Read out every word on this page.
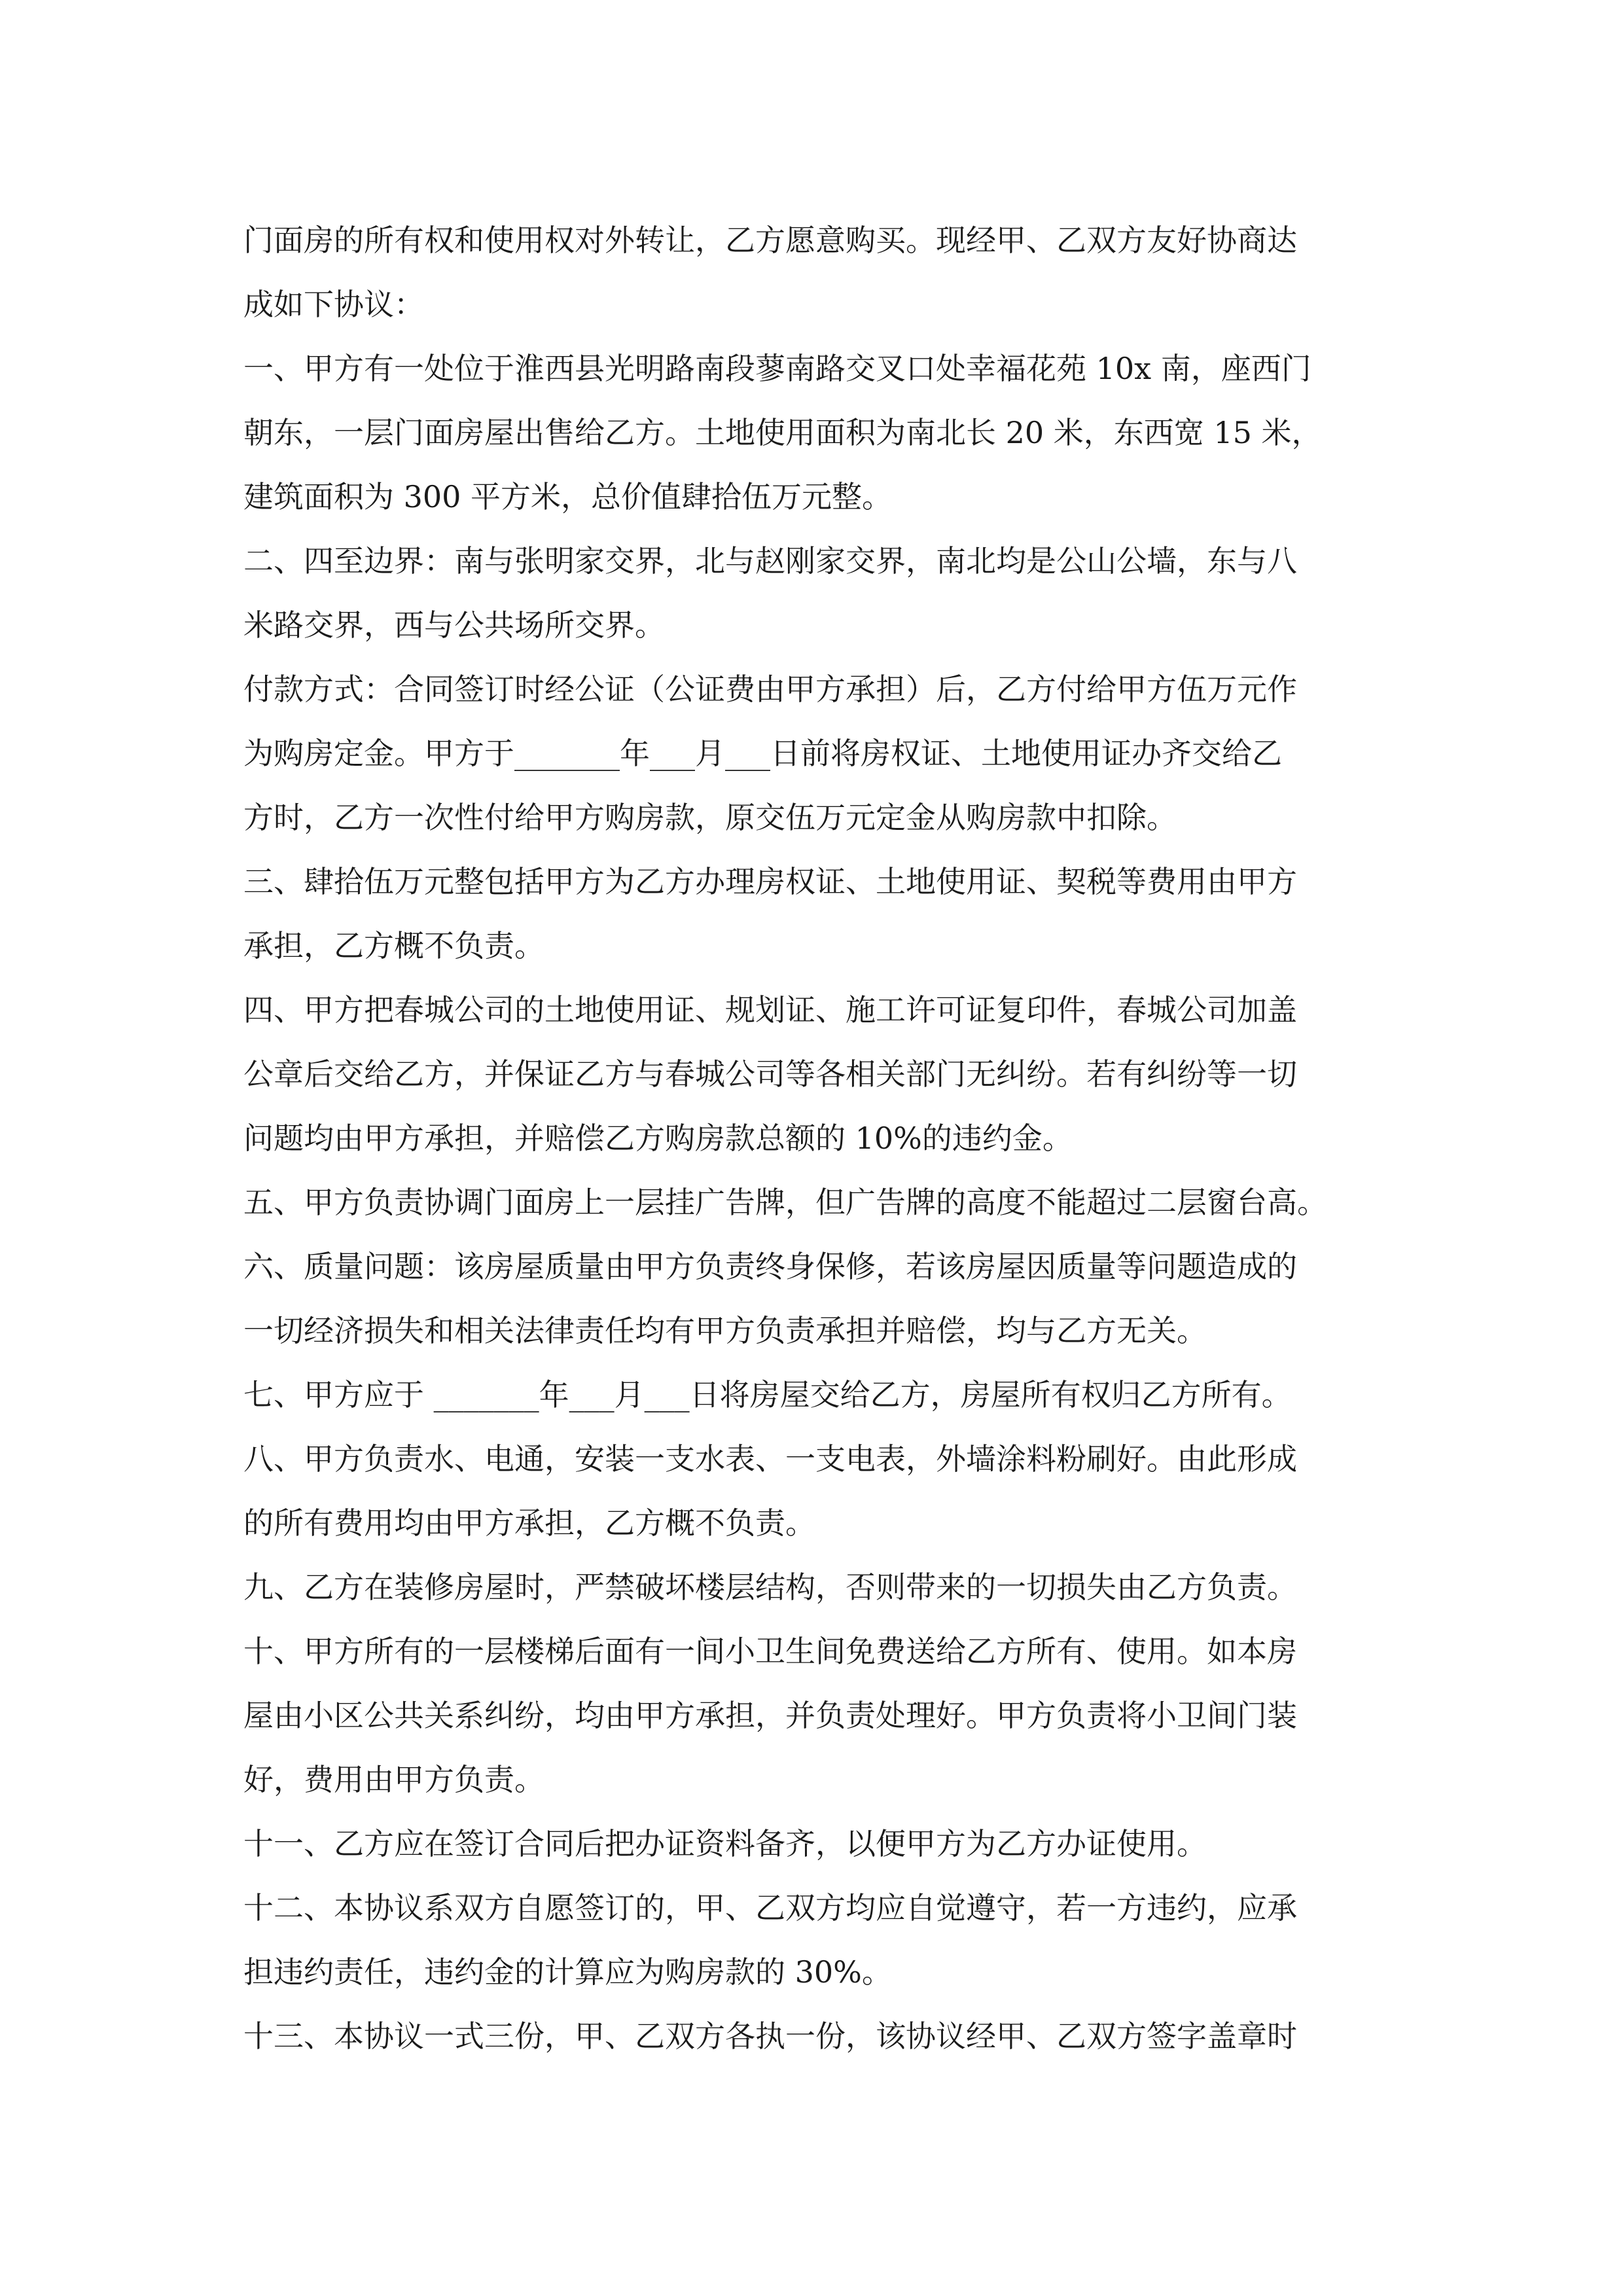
门面房的所有权和使用权对外转让，乙方愿意购买。现经甲、乙双方友好协商达
成如下协议：
一、甲方有一处位于淮西县光明路南段蓼南路交叉口处幸福花苑 10x 南，座西门
朝东，一层门面房屋出售给乙方。土地使用面积为南北长 20 米，东西宽 15 米，
建筑面积为 300 平方米，总价值肆拾伍万元整。
二、四至边界：南与张明家交界，北与赵刚家交界，南北均是公山公墙，东与八
米路交界，西与公共场所交界。
付款方式：合同签订时经公证（公证费由甲方承担）后，乙方付给甲方伍万元作
为购房定金。甲方于_______年___月___日前将房权证、土地使用证办齐交给乙
方时，乙方一次性付给甲方购房款，原交伍万元定金从购房款中扣除。
三、肆拾伍万元整包括甲方为乙方办理房权证、土地使用证、契税等费用由甲方
承担，乙方概不负责。
四、甲方把春城公司的土地使用证、规划证、施工许可证复印件，春城公司加盖
公章后交给乙方，并保证乙方与春城公司等各相关部门无纠纷。若有纠纷等一切
问题均由甲方承担，并赔偿乙方购房款总额的 10%的违约金。
五、甲方负责协调门面房上一层挂广告牌，但广告牌的高度不能超过二层窗台高。
六、质量问题：该房屋质量由甲方负责终身保修，若该房屋因质量等问题造成的
一切经济损失和相关法律责任均有甲方负责承担并赔偿，均与乙方无关。
七、甲方应于 _______年___月___日将房屋交给乙方，房屋所有权归乙方所有。
八、甲方负责水、电通，安装一支水表、一支电表，外墙涂料粉刷好。由此形成
的所有费用均由甲方承担，乙方概不负责。
九、乙方在装修房屋时，严禁破坏楼层结构，否则带来的一切损失由乙方负责。
十、甲方所有的一层楼梯后面有一间小卫生间免费送给乙方所有、使用。如本房
屋由小区公共关系纠纷，均由甲方承担，并负责处理好。甲方负责将小卫间门装
好，费用由甲方负责。
十一、乙方应在签订合同后把办证资料备齐，以便甲方为乙方办证使用。
十二、本协议系双方自愿签订的，甲、乙双方均应自觉遵守，若一方违约，应承
担违约责任，违约金的计算应为购房款的 30%。
十三、本协议一式三份，甲、乙双方各执一份，该协议经甲、乙双方签字盖章时
